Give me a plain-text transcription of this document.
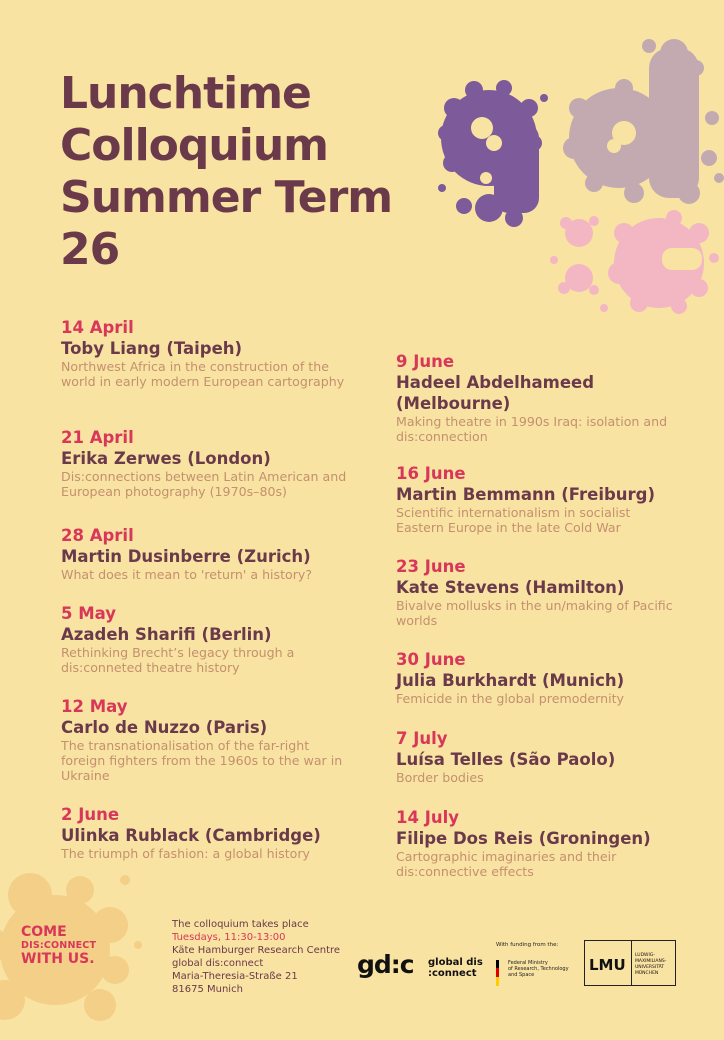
Lunchtime
Colloquium
Summer Term
26
14 April
Toby Liang (Taipeh)
Northwest Africa in the construction of the world in early modern European cartography
21 April
Erika Zerwes (London)
Dis:connections between Latin American and European photography (1970s–80s)
28 April
Martin Dusinberre (Zurich)
What does it mean to 'return' a history?
5 May
Azadeh Sharifi (Berlin)
Rethinking Brecht’s legacy through a dis:conneted theatre history
12 May
Carlo de Nuzzo (Paris)
The transnationalisation of the far-right foreign fighters from the 1960s to the war in Ukraine
2 June
Ulinka Rublack (Cambridge)
The triumph of fashion: a global history
9 June
Hadeel Abdelhameed (Melbourne)
Making theatre in 1990s Iraq: isolation and dis:connection
16 June
Martin Bemmann (Freiburg)
Scientific internationalism in socialist Eastern Europe in the late Cold War
23 June
Kate Stevens (Hamilton)
Bivalve mollusks in the un/making of Pacific worlds
30 June
Julia Burkhardt (Munich)
Femicide in the global premodernity
7 July
Luísa Telles (São Paolo)
Border bodies
14 July
Filipe Dos Reis (Groningen)
Cartographic imaginaries and their dis:connective effects
COME
DIS:CONNECT
WITH US.
The colloquium takes place
Tuesdays, 11:30-13:00
Käte Hamburger Research Centre
global dis:connect
Maria-Theresia-Straße 21
81675 Munich
gd:c global dis
:connect
With funding from the:
Federal Ministry
of Research, Technology
and Space
LMU
LUDWIG-
MAXIMILIANS-
UNIVERSITÄT
MÜNCHEN
